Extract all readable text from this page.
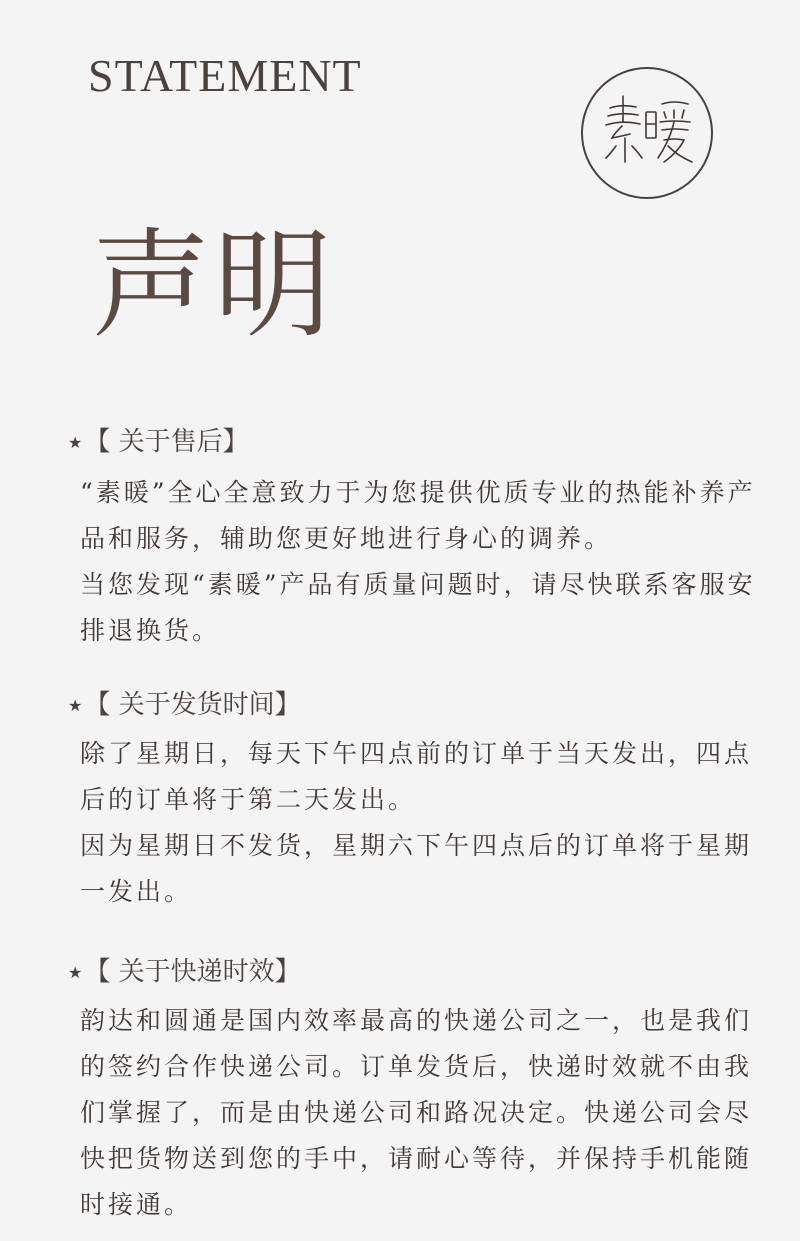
STATEMENT
声明
★ 【 关于售后】

“素暖”全心全意致力于为您提供优质专业的热能补养产品和服务，辅助您更好地进行身心的调养。

当您发现“素暖”产品有质量问题时，请尽快联系客服安排退换货。

★ 【 关于发货时间】

除了星期日，每天下午四点前的订单于当天发出，四点后的订单将于第二天发出。

因为星期日不发货，星期六下午四点后的订单将于星期一发出。

★ 【 关于快递时效】

韵达和圆通是国内效率最高的快递公司之一，也是我们的签约合作快递公司。订单发货后，快递时效就不由我们掌握了，而是由快递公司和路况决定。快递公司会尽快把货物送到您的手中，请耐心等待，并保持手机能随时接通。
